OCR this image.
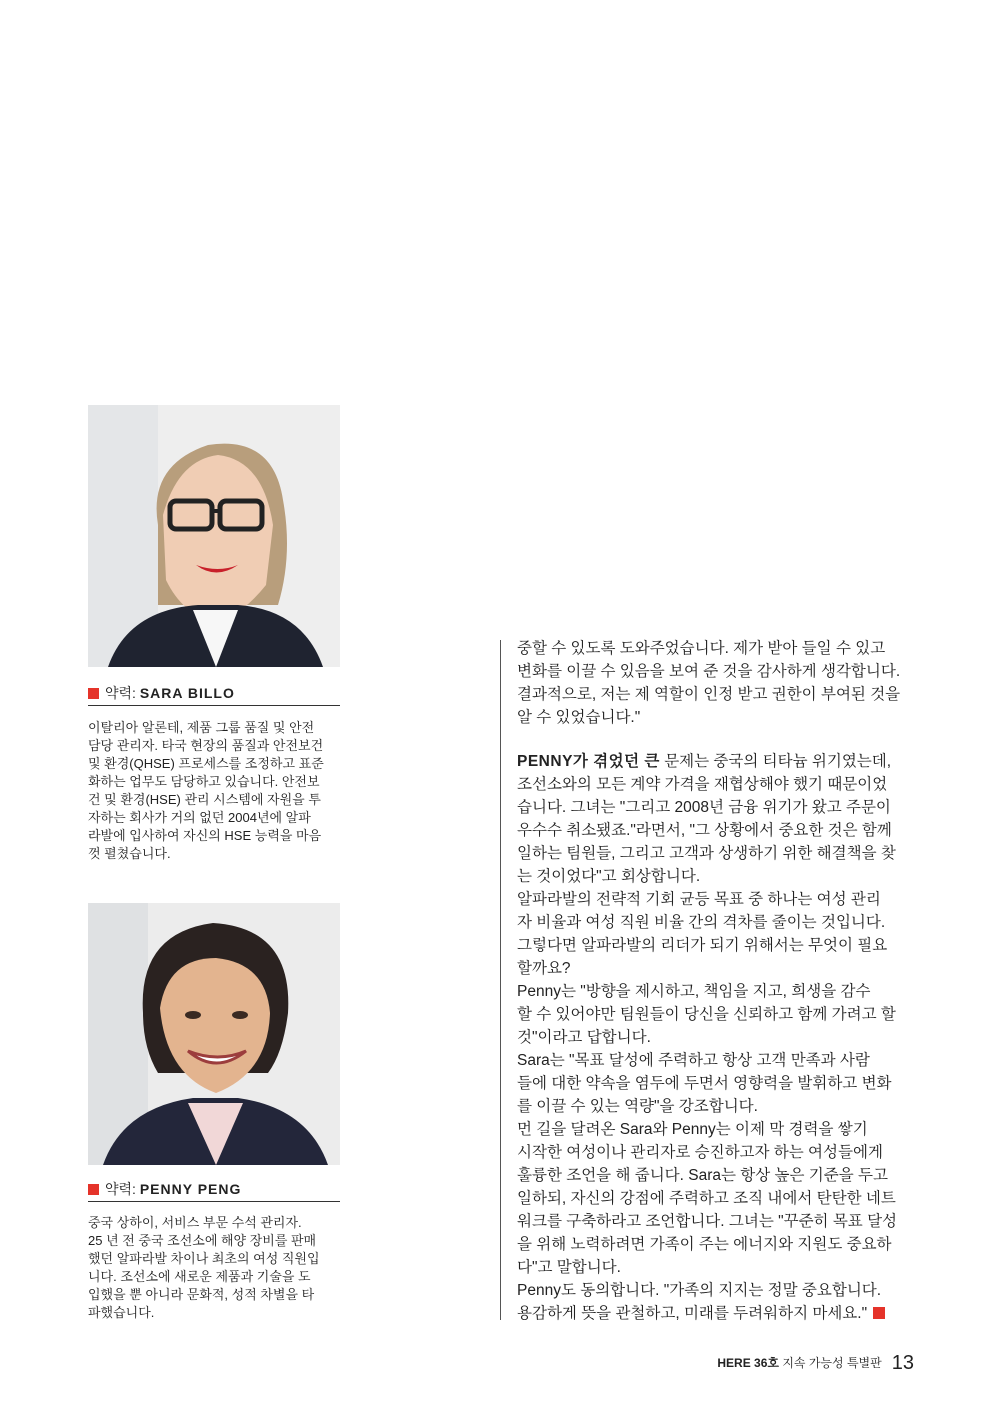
약력: SARA BILLO
이탈리아 알론테, 제품 그룹 품질 및 안전
담당 관리자. 타국 현장의 품질과 안전보건
및 환경(QHSE) 프로세스를 조정하고 표준
화하는 업무도 담당하고 있습니다. 안전보
건 및 환경(HSE) 관리 시스템에 자원을 투
자하는 회사가 거의 없던 2004년에 알파
라발에 입사하여 자신의 HSE 능력을 마음
껏 펼쳤습니다.
약력: PENNY PENG
중국 상하이, 서비스 부문 수석 관리자.
25 년 전 중국 조선소에 해양 장비를 판매
했던 알파라발 차이나 최초의 여성 직원입
니다. 조선소에 새로운 제품과 기술을 도
입했을 뿐 아니라 문화적, 성적 차별을 타
파했습니다.
중할 수 있도록 도와주었습니다. 제가 받아 들일 수 있고
변화를 이끌 수 있음을 보여 준 것을 감사하게 생각합니다.
결과적으로, 저는 제 역할이 인정 받고 권한이 부여된 것을
알 수 있었습니다."
PENNY가 겪었던 큰 문제는 중국의 티타늄 위기였는데,
조선소와의 모든 계약 가격을 재협상해야 했기 때문이었
습니다. 그녀는 "그리고 2008년 금융 위기가 왔고 주문이
우수수 취소됐죠."라면서, "그 상황에서 중요한 것은 함께
일하는 팀원들, 그리고 고객과 상생하기 위한 해결책을 찾
는 것이었다"고 회상합니다.
알파라발의 전략적 기회 균등 목표 중 하나는 여성 관리
자 비율과 여성 직원 비율 간의 격차를 줄이는 것입니다.
그렇다면 알파라발의 리더가 되기 위해서는 무엇이 필요
할까요?
Penny는 "방향을 제시하고, 책임을 지고, 희생을 감수
할 수 있어야만 팀원들이 당신을 신뢰하고 함께 가려고 할
것"이라고 답합니다.
Sara는 "목표 달성에 주력하고 항상 고객 만족과 사람
들에 대한 약속을 염두에 두면서 영향력을 발휘하고 변화
를 이끌 수 있는 역량"을 강조합니다.
먼 길을 달려온 Sara와 Penny는 이제 막 경력을 쌓기
시작한 여성이나 관리자로 승진하고자 하는 여성들에게
훌륭한 조언을 해 줍니다. Sara는 항상 높은 기준을 두고
일하되, 자신의 강점에 주력하고 조직 내에서 탄탄한 네트
워크를 구축하라고 조언합니다. 그녀는 "꾸준히 목표 달성
을 위해 노력하려면 가족이 주는 에너지와 지원도 중요하
다"고 말합니다.
Penny도 동의합니다. "가족의 지지는 정말 중요합니다.
용감하게 뜻을 관철하고, 미래를 두려워하지 마세요."
HERE 36호 지속 가능성 특별판 13
